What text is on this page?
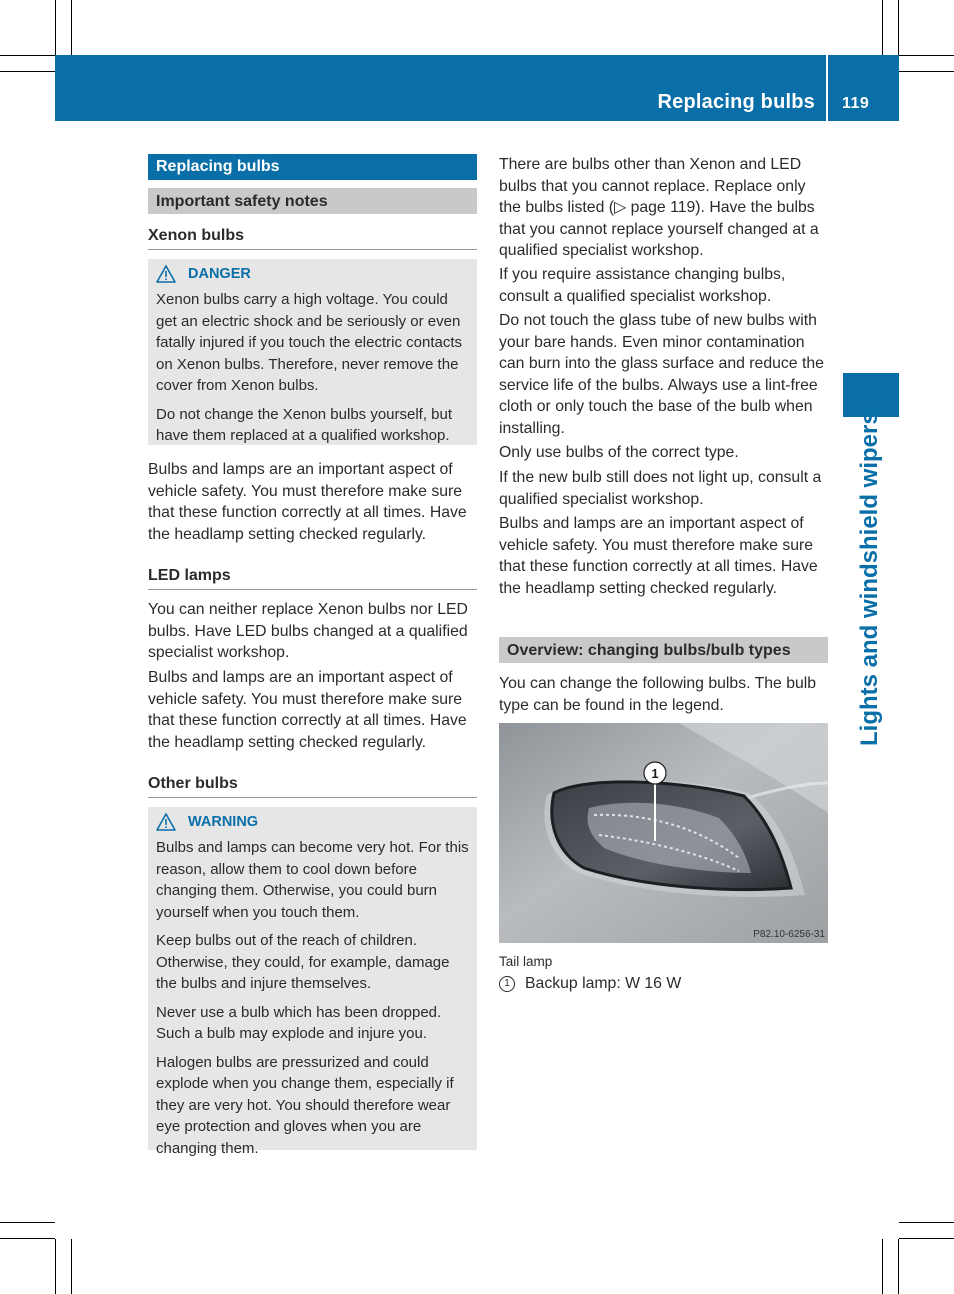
Replacing bulbs 119
Lights and windshield wipers
Replacing bulbs
Important safety notes
Xenon bulbs
DANGER

Xenon bulbs carry a high voltage. You could get an electric shock and be seriously or even fatally injured if you touch the electric contacts on Xenon bulbs. Therefore, never remove the cover from Xenon bulbs.

Do not change the Xenon bulbs yourself, but have them replaced at a qualified workshop.

Bulbs and lamps are an important aspect of vehicle safety. You must therefore make sure that these function correctly at all times. Have the headlamp setting checked regularly.

LED lamps

You can neither replace Xenon bulbs nor LED bulbs. Have LED bulbs changed at a qualified specialist workshop.

Bulbs and lamps are an important aspect of vehicle safety. You must therefore make sure that these function correctly at all times. Have the headlamp setting checked regularly.

Other bulbs
WARNING

Bulbs and lamps can become very hot. For this reason, allow them to cool down before changing them. Otherwise, you could burn yourself when you touch them.

Keep bulbs out of the reach of children. Otherwise, they could, for example, damage the bulbs and injure themselves.

Never use a bulb which has been dropped. Such a bulb may explode and injure you.

Halogen bulbs are pressurized and could explode when you change them, especially if they are very hot. You should therefore wear eye protection and gloves when you are changing them.

There are bulbs other than Xenon and LED bulbs that you cannot replace. Replace only the bulbs listed (▷ page 119). Have the bulbs that you cannot replace yourself changed at a qualified specialist workshop.

If you require assistance changing bulbs, consult a qualified specialist workshop.

Do not touch the glass tube of new bulbs with your bare hands. Even minor contamination can burn into the glass surface and reduce the service life of the bulbs. Always use a lint-free cloth or only touch the base of the bulb when installing.

Only use bulbs of the correct type.

If the new bulb still does not light up, consult a qualified specialist workshop.

Bulbs and lamps are an important aspect of vehicle safety. You must therefore make sure that these function correctly at all times. Have the headlamp setting checked regularly.

Overview: changing bulbs/bulb types

You can change the following bulbs. The bulb type can be found in the legend.

1
P82.10-6256-31
Tail lamp
1 Backup lamp: W 16 W
